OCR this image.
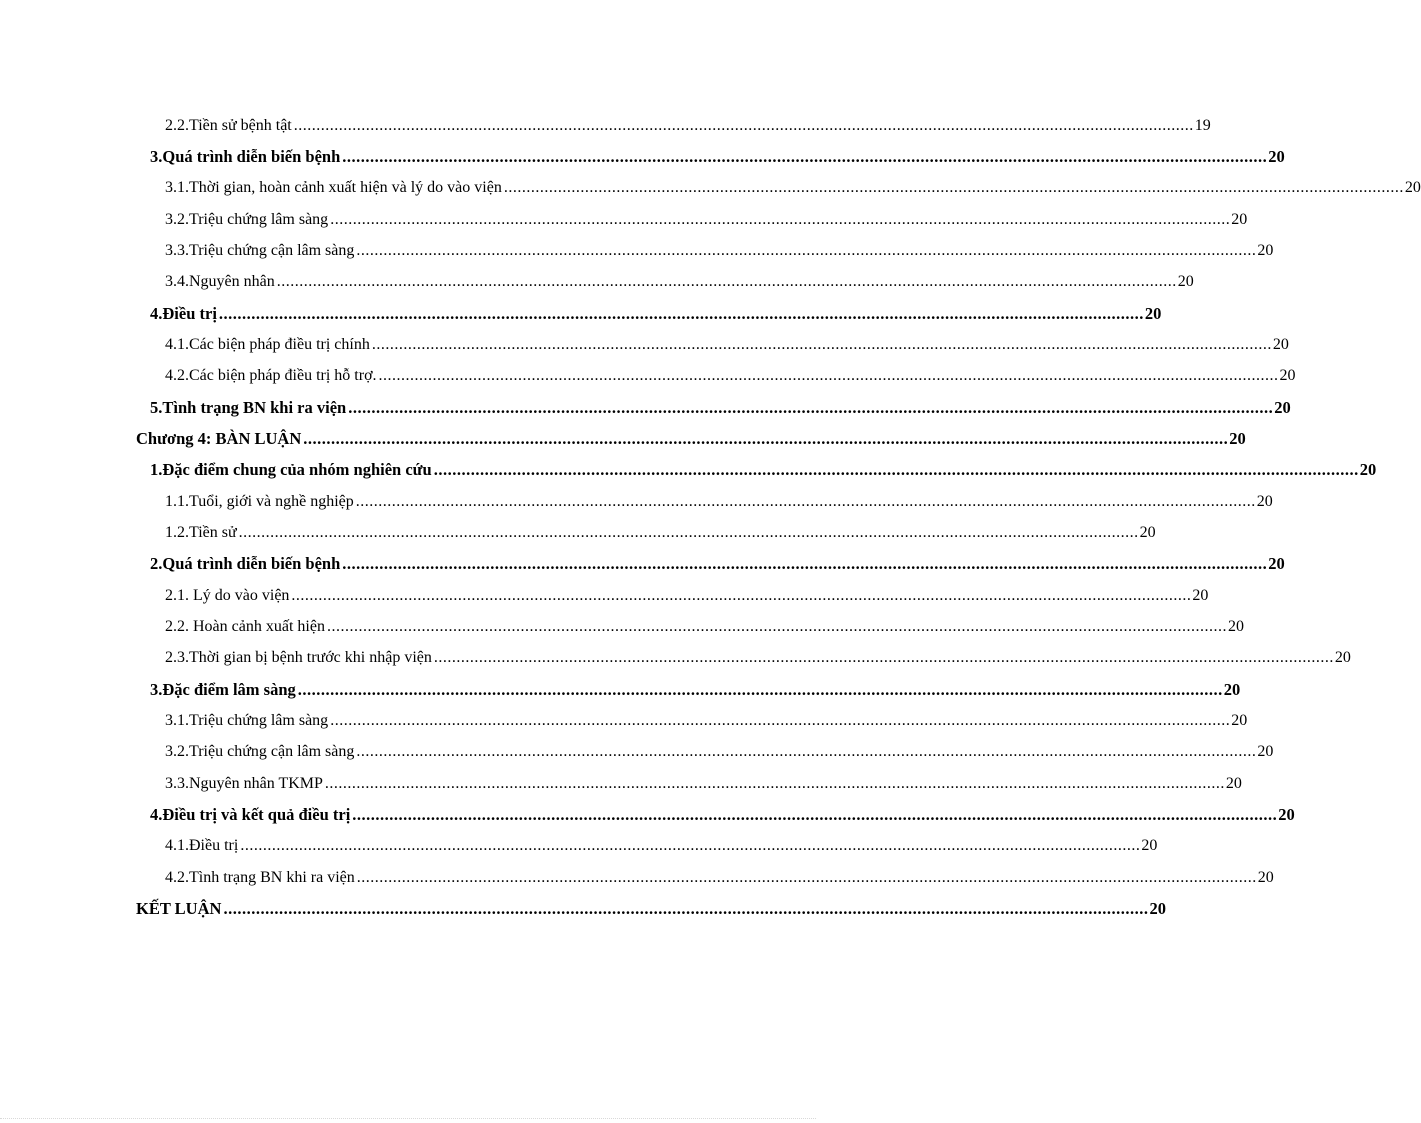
2.2. Tiền sử bệnh tật ........................................................................................................................................................................................................ 19
3. Quá trình diễn biến bệnh ........................................................................................................................................................................................................ 20
3.1. Thời gian, hoàn cảnh xuất hiện và lý do vào viện ........................................................................................................................................................................................................ 20
3.2. Triệu chứng lâm sàng ........................................................................................................................................................................................................ 20
3.3. Triệu chứng cận lâm sàng ........................................................................................................................................................................................................ 20
3.4. Nguyên nhân ........................................................................................................................................................................................................ 20
4. Điều trị ........................................................................................................................................................................................................ 20
4.1. Các biện pháp điều trị chính ........................................................................................................................................................................................................ 20
4.2. Các biện pháp điều trị hỗ trợ. ........................................................................................................................................................................................................ 20
5. Tình trạng BN khi ra viện ........................................................................................................................................................................................................ 20
Chương 4: BÀN LUẬN ........................................................................................................................................................................................................ 20
1. Đặc điểm chung của nhóm nghiên cứu ........................................................................................................................................................................................................ 20
1.1. Tuổi, giới và nghề nghiệp ........................................................................................................................................................................................................ 20
1.2. Tiền sử ........................................................................................................................................................................................................ 20
2.Quá trình diễn biến bệnh ........................................................................................................................................................................................................ 20
2.1. Lý do vào viện ........................................................................................................................................................................................................ 20
2.2. Hoàn cảnh xuất hiện ........................................................................................................................................................................................................ 20
2.3. Thời gian bị bệnh trước khi nhập viện ........................................................................................................................................................................................................ 20
3. Đặc điểm lâm sàng ........................................................................................................................................................................................................ 20
3.1. Triệu chứng lâm sàng ........................................................................................................................................................................................................ 20
3.2. Triệu chứng cận lâm sàng ........................................................................................................................................................................................................ 20
3.3. Nguyên nhân TKMP ........................................................................................................................................................................................................ 20
4. Điều trị và kết quả điều trị ........................................................................................................................................................................................................ 20
4.1. Điều trị ........................................................................................................................................................................................................ 20
4.2. Tình trạng BN khi ra viện ........................................................................................................................................................................................................ 20
KẾT LUẬN ........................................................................................................................................................................................................ 20
